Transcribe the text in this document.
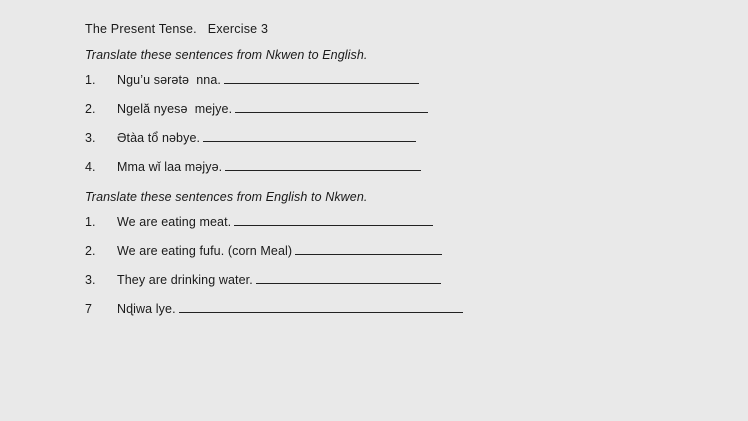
The Present Tense.   Exercise 3
Translate these sentences from Nkwen to English.
1.	Ngu’u sərətə  nna.
2.	Ngelă nyesə  mejye.
3.	Ətàa tổ nəbye.
4.	Mma wǐ laa məjyə.
Translate these sentences from English to Nkwen.
1.	We are eating meat.
2.	We are eating fufu. (corn Meal)
3.	They are drinking water.
7	Nɖiwa lye.
